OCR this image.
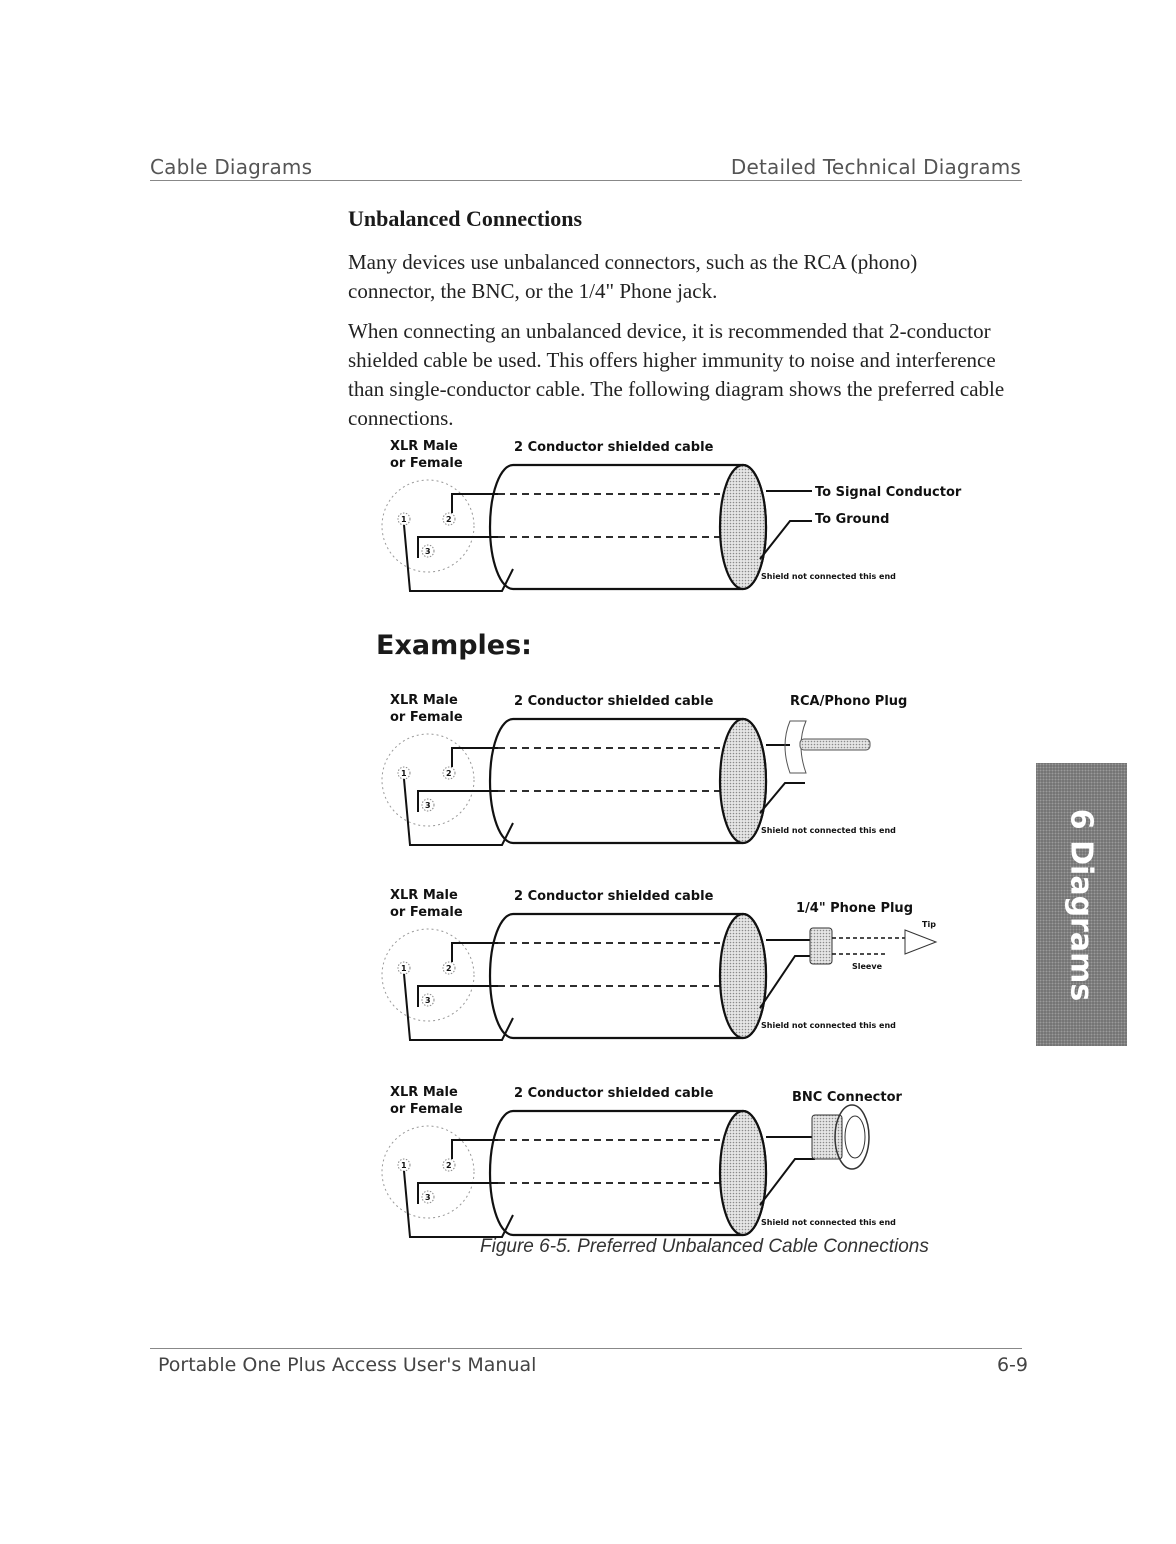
Cable Diagrams	Detailed Technical Diagrams
Unbalanced Connections

Many devices use unbalanced connectors, such as the RCA (phono) connector, the BNC, or the 1/4" Phone jack.

When connecting an unbalanced device, it is recommended that 2-conductor shielded cable be used. This offers higher immunity to noise and interference than single-conductor cable. The following diagram shows the preferred cable connections.

Examples:
XLR Male
or Female
2 Conductor shielded cable
To Signal Conductor
To Ground
Shield not connected this end
1	2
3
XLR Male
or Female
2 Conductor shielded cable	RCA/Phono Plug
Shield not connected this end
1	2
3
XLR Male
or Female
2 Conductor shielded cable
1/4" Phone Plug
Tip
Sleeve
Shield not connected this end
1	2
3
XLR Male
or Female
2 Conductor shielded cable	BNC Connector
Shield not connected this end
1	2
3
Figure 6-5. Preferred Unbalanced Cable Connections
6 Diagrams
Portable One Plus Access User's Manual	6-9
